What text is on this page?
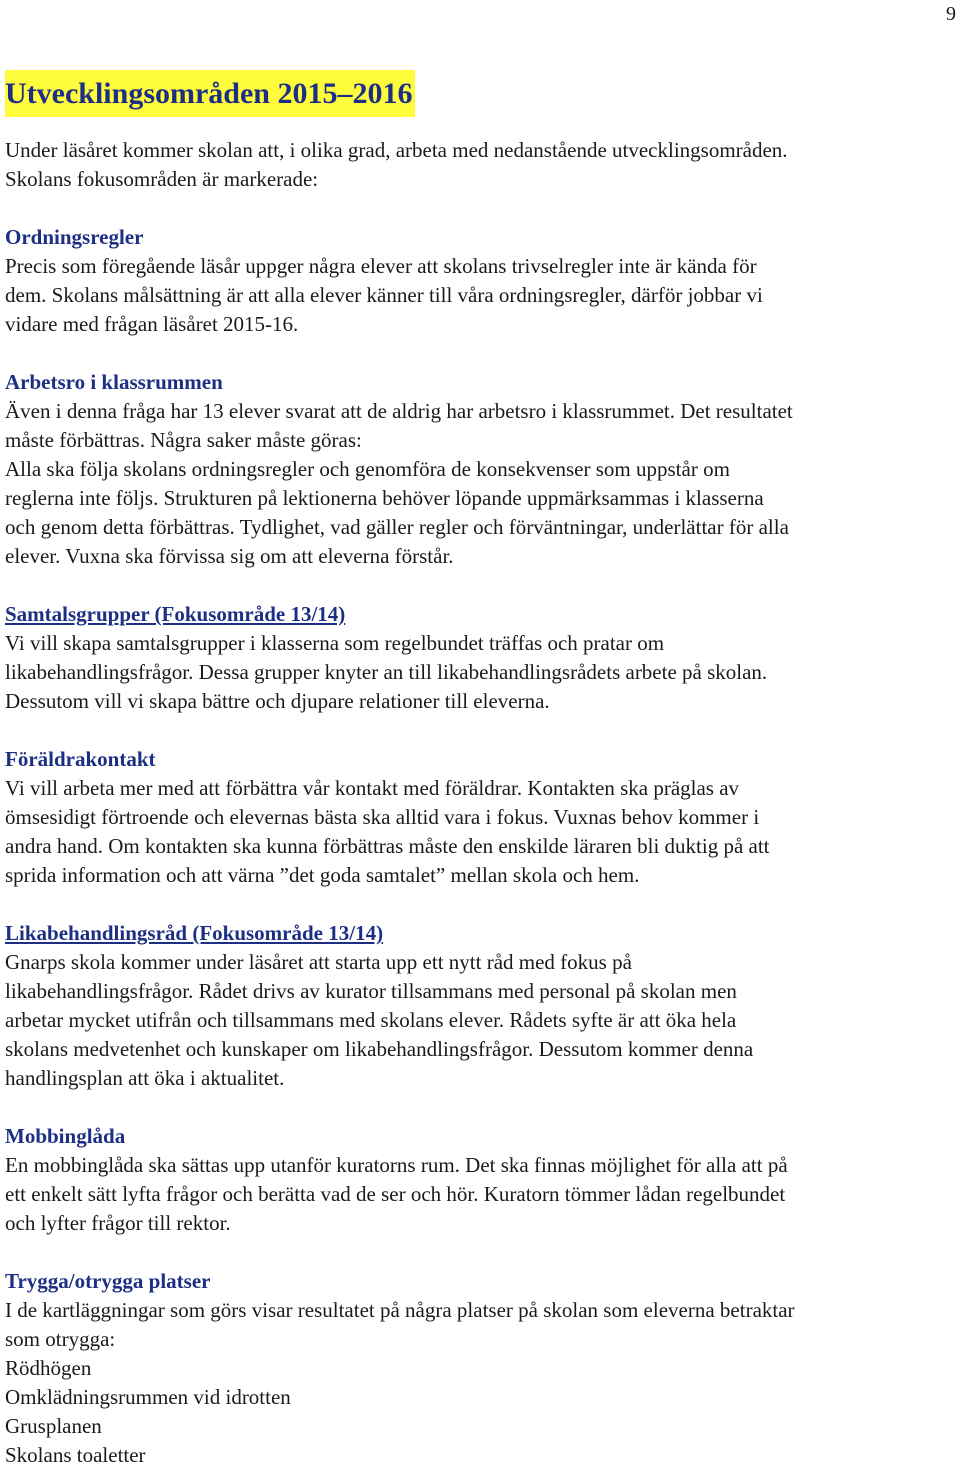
9
Utvecklingsområden 2015–2016

Under läsåret kommer skolan att, i olika grad, arbeta med nedanstående utvecklingsområden.

Skolans fokusområden är markerade:

Ordningsregler

Precis som föregående läsår uppger några elever att skolans trivselregler inte är kända för

dem. Skolans målsättning är att alla elever känner till våra ordningsregler, därför jobbar vi

vidare med frågan läsåret 2015-16.

Arbetsro i klassrummen

Även i denna fråga har 13 elever svarat att de aldrig har arbetsro i klassrummet. Det resultatet

måste förbättras. Några saker måste göras:

Alla ska följa skolans ordningsregler och genomföra de konsekvenser som uppstår om

reglerna inte följs. Strukturen på lektionerna behöver löpande uppmärksammas i klasserna

och genom detta förbättras. Tydlighet, vad gäller regler och förväntningar, underlättar för alla

elever. Vuxna ska förvissa sig om att eleverna förstår.

Samtalsgrupper (Fokusområde 13/14)

Vi vill skapa samtalsgrupper i klasserna som regelbundet träffas och pratar om

likabehandlingsfrågor. Dessa grupper knyter an till likabehandlingsrådets arbete på skolan.

Dessutom vill vi skapa bättre och djupare relationer till eleverna.

Föräldrakontakt

Vi vill arbeta mer med att förbättra vår kontakt med föräldrar. Kontakten ska präglas av

ömsesidigt förtroende och elevernas bästa ska alltid vara i fokus. Vuxnas behov kommer i

andra hand. Om kontakten ska kunna förbättras måste den enskilde läraren bli duktig på att

sprida information och att värna ”det goda samtalet” mellan skola och hem.

Likabehandlingsråd (Fokusområde 13/14)

Gnarps skola kommer under läsåret att starta upp ett nytt råd med fokus på

likabehandlingsfrågor. Rådet drivs av kurator tillsammans med personal på skolan men

arbetar mycket utifrån och tillsammans med skolans elever. Rådets syfte är att öka hela

skolans medvetenhet och kunskaper om likabehandlingsfrågor. Dessutom kommer denna

handlingsplan att öka i aktualitet.

Mobbinglåda

En mobbinglåda ska sättas upp utanför kuratorns rum. Det ska finnas möjlighet för alla att på

ett enkelt sätt lyfta frågor och berätta vad de ser och hör. Kuratorn tömmer lådan regelbundet

och lyfter frågor till rektor.

Trygga/otrygga platser

I de kartläggningar som görs visar resultatet på några platser på skolan som eleverna betraktar

som otrygga:

Rödhögen

Omklädningsrummen vid idrotten

Grusplanen

Skolans toaletter
